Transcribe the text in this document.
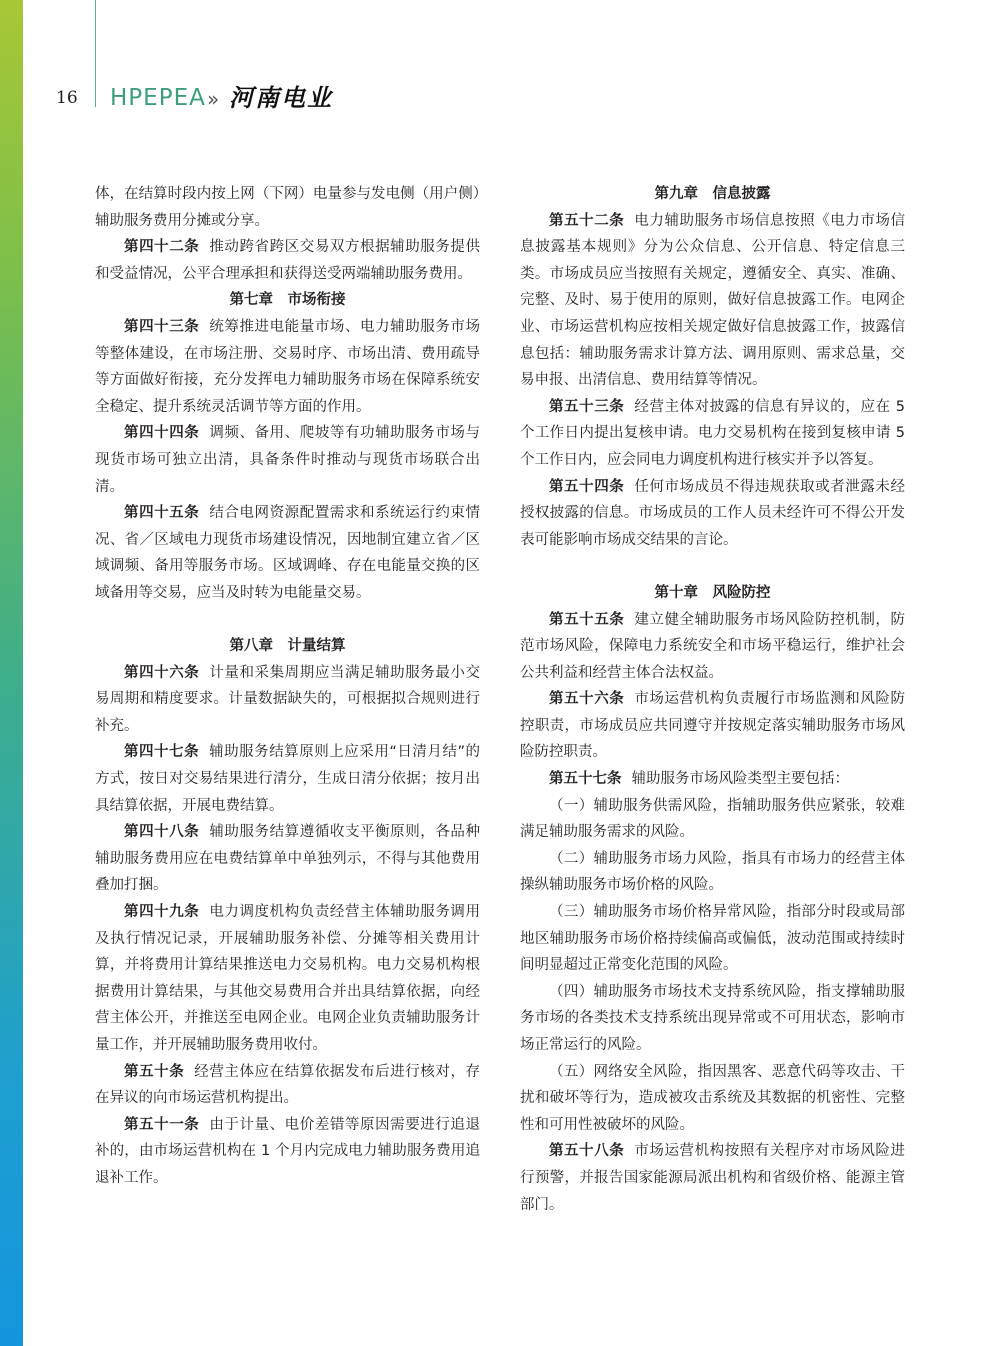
16 HPEPEA » 河南电业

体，在结算时段内按上网（下网）电量参与发电侧（用户侧）辅助服务费用分摊或分享。

第四十二条 推动跨省跨区交易双方根据辅助服务提供和受益情况，公平合理承担和获得送受两端辅助服务费用。

第七章　市场衔接

第四十三条 统筹推进电能量市场、电力辅助服务市场等整体建设，在市场注册、交易时序、市场出清、费用疏导等方面做好衔接，充分发挥电力辅助服务市场在保障系统安全稳定、提升系统灵活调节等方面的作用。

第四十四条 调频、备用、爬坡等有功辅助服务市场与现货市场可独立出清，具备条件时推动与现货市场联合出清。

第四十五条 结合电网资源配置需求和系统运行约束情况、省／区域电力现货市场建设情况，因地制宜建立省／区域调频、备用等服务市场。区域调峰、存在电能量交换的区域备用等交易，应当及时转为电能量交易。

第八章　计量结算

第四十六条 计量和采集周期应当满足辅助服务最小交易周期和精度要求。计量数据缺失的，可根据拟合规则进行补充。

第四十七条 辅助服务结算原则上应采用“日清月结”的方式，按日对交易结果进行清分，生成日清分依据；按月出具结算依据，开展电费结算。

第四十八条 辅助服务结算遵循收支平衡原则，各品种辅助服务费用应在电费结算单中单独列示，不得与其他费用叠加打捆。

第四十九条 电力调度机构负责经营主体辅助服务调用及执行情况记录，开展辅助服务补偿、分摊等相关费用计算，并将费用计算结果推送电力交易机构。电力交易机构根据费用计算结果，与其他交易费用合并出具结算依据，向经营主体公开，并推送至电网企业。电网企业负责辅助服务计量工作，并开展辅助服务费用收付。

第五十条 经营主体应在结算依据发布后进行核对，存在异议的向市场运营机构提出。

第五十一条 由于计量、电价差错等原因需要进行追退补的，由市场运营机构在 1 个月内完成电力辅助服务费用追退补工作。

第九章　信息披露

第五十二条 电力辅助服务市场信息按照《电力市场信息披露基本规则》分为公众信息、公开信息、特定信息三类。市场成员应当按照有关规定，遵循安全、真实、准确、完整、及时、易于使用的原则，做好信息披露工作。电网企业、市场运营机构应按相关规定做好信息披露工作，披露信息包括：辅助服务需求计算方法、调用原则、需求总量，交易申报、出清信息、费用结算等情况。

第五十三条 经营主体对披露的信息有异议的，应在 5 个工作日内提出复核申请。电力交易机构在接到复核申请 5 个工作日内，应会同电力调度机构进行核实并予以答复。

第五十四条 任何市场成员不得违规获取或者泄露未经授权披露的信息。市场成员的工作人员未经许可不得公开发表可能影响市场成交结果的言论。

第十章　风险防控

第五十五条 建立健全辅助服务市场风险防控机制，防范市场风险，保障电力系统安全和市场平稳运行，维护社会公共利益和经营主体合法权益。

第五十六条 市场运营机构负责履行市场监测和风险防控职责，市场成员应共同遵守并按规定落实辅助服务市场风险防控职责。

第五十七条 辅助服务市场风险类型主要包括：

（一）辅助服务供需风险，指辅助服务供应紧张，较难满足辅助服务需求的风险。

（二）辅助服务市场力风险，指具有市场力的经营主体操纵辅助服务市场价格的风险。

（三）辅助服务市场价格异常风险，指部分时段或局部地区辅助服务市场价格持续偏高或偏低，波动范围或持续时间明显超过正常变化范围的风险。

（四）辅助服务市场技术支持系统风险，指支撑辅助服务市场的各类技术支持系统出现异常或不可用状态，影响市场正常运行的风险。

（五）网络安全风险，指因黑客、恶意代码等攻击、干扰和破坏等行为，造成被攻击系统及其数据的机密性、完整性和可用性被破坏的风险。

第五十八条 市场运营机构按照有关程序对市场风险进行预警，并报告国家能源局派出机构和省级价格、能源主管部门。
